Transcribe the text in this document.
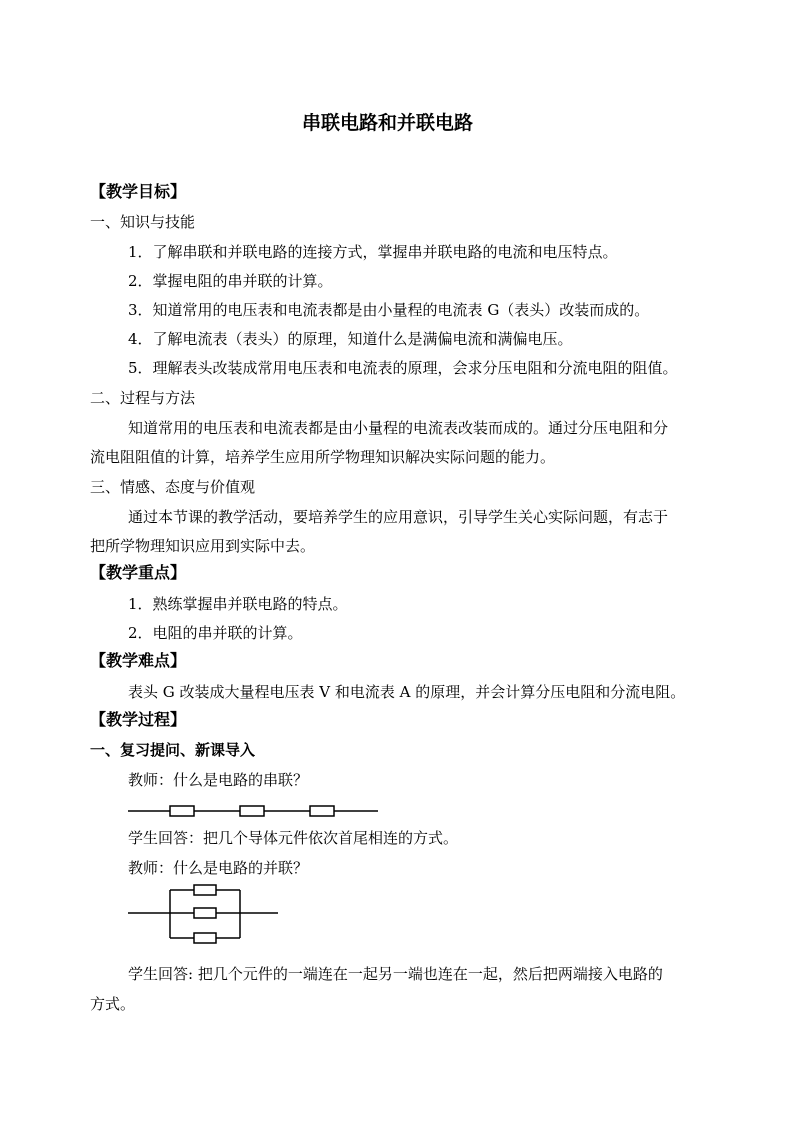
串联电路和并联电路
【教学目标】
一、知识与技能
1．了解串联和并联电路的连接方式，掌握串并联电路的电流和电压特点。
2．掌握电阻的串并联的计算。
3．知道常用的电压表和电流表都是由小量程的电流表 G（表头）改装而成的。
4．了解电流表（表头）的原理，知道什么是满偏电流和满偏电压。
5．理解表头改装成常用电压表和电流表的原理，会求分压电阻和分流电阻的阻值。
二、过程与方法
知道常用的电压表和电流表都是由小量程的电流表改装而成的。通过分压电阻和分
流电阻阻值的计算，培养学生应用所学物理知识解决实际问题的能力。
三、情感、态度与价值观
通过本节课的教学活动，要培养学生的应用意识，引导学生关心实际问题，有志于
把所学物理知识应用到实际中去。
【教学重点】
1．熟练掌握串并联电路的特点。
2．电阻的串并联的计算。
【教学难点】
表头 G 改装成大量程电压表 V 和电流表 A 的原理，并会计算分压电阻和分流电阻。
【教学过程】
一、复习提问、新课导入
教师：什么是电路的串联？
学生回答：把几个导体元件依次首尾相连的方式。
教师：什么是电路的并联？
学生回答: 把几个元件的一端连在一起另一端也连在一起，然后把两端接入电路的
方式。
